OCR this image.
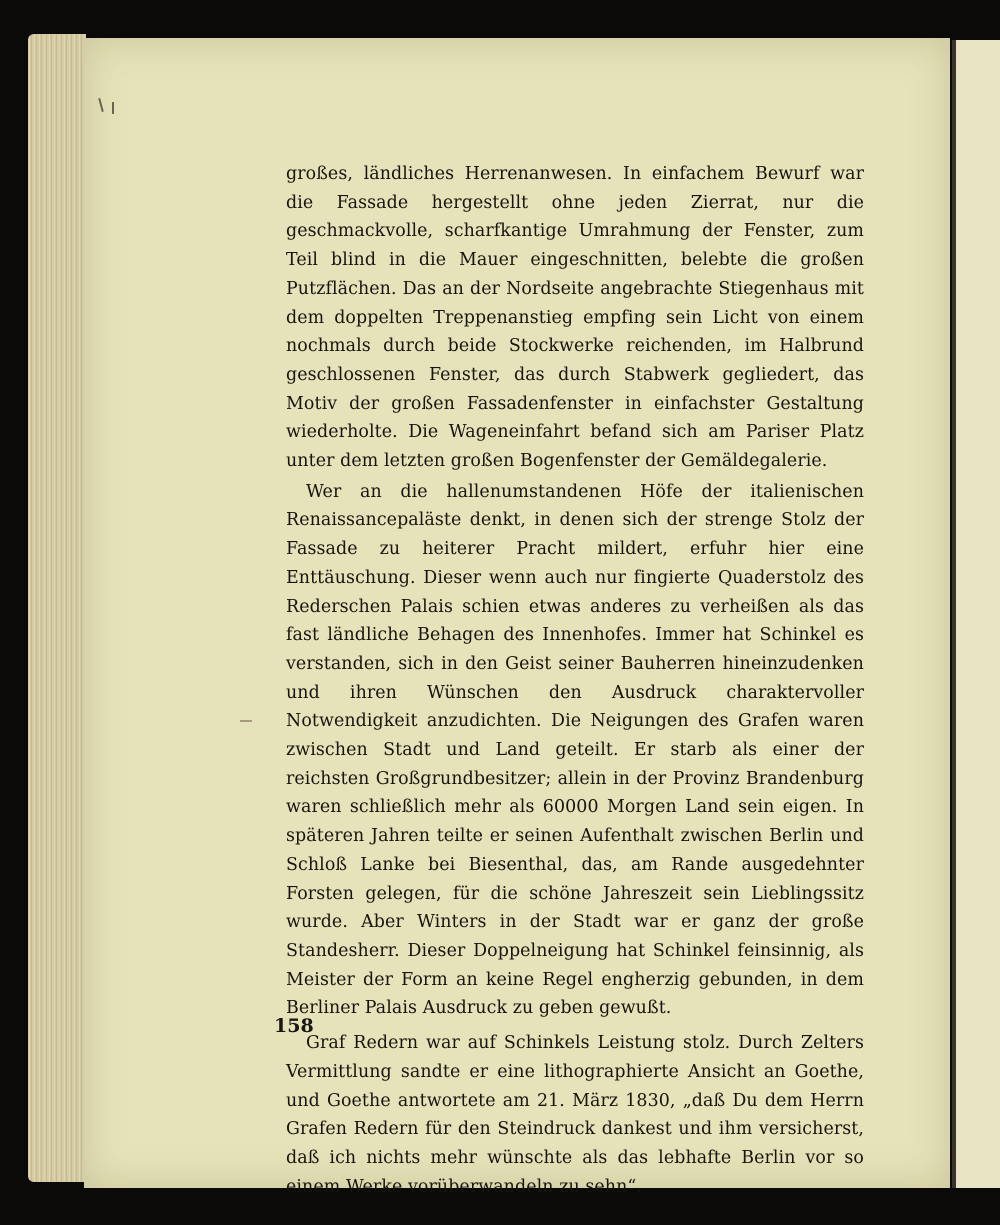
großes, ländliches Herrenanwesen. In einfachem Bewurf war die Fassade hergestellt ohne jeden Zierrat, nur die geschmackvolle, scharfkantige Umrahmung der Fenster, zum Teil blind in die Mauer eingeschnitten, belebte die großen Putzflächen. Das an der Nordseite angebrachte Stiegenhaus mit dem doppelten Treppenanstieg empfing sein Licht von einem nochmals durch beide Stockwerke reichenden, im Halbrund geschlossenen Fenster, das durch Stabwerk gegliedert, das Motiv der großen Fassadenfenster in einfachster Gestaltung wiederholte. Die Wageneinfahrt befand sich am Pariser Platz unter dem letzten großen Bogenfenster der Gemäldegalerie.

Wer an die hallenumstandenen Höfe der italienischen Renaissancepaläste denkt, in denen sich der strenge Stolz der Fassade zu heiterer Pracht mildert, erfuhr hier eine Enttäuschung. Dieser wenn auch nur fingierte Quaderstolz des Rederschen Palais schien etwas anderes zu verheißen als das fast ländliche Behagen des Innenhofes. Immer hat Schinkel es verstanden, sich in den Geist seiner Bauherren hineinzudenken und ihren Wünschen den Ausdruck charaktervoller Notwendigkeit anzudichten. Die Neigungen des Grafen waren zwischen Stadt und Land geteilt. Er starb als einer der reichsten Großgrundbesitzer; allein in der Provinz Brandenburg waren schließlich mehr als 60000 Morgen Land sein eigen. In späteren Jahren teilte er seinen Aufenthalt zwischen Berlin und Schloß Lanke bei Biesenthal, das, am Rande ausgedehnter Forsten gelegen, für die schöne Jahreszeit sein Lieblingssitz wurde. Aber Winters in der Stadt war er ganz der große Standesherr. Dieser Doppelneigung hat Schinkel feinsinnig, als Meister der Form an keine Regel engherzig gebunden, in dem Berliner Palais Ausdruck zu geben gewußt.

Graf Redern war auf Schinkels Leistung stolz. Durch Zelters Vermittlung sandte er eine lithographierte Ansicht an Goethe, und Goethe antwortete am 21. März 1830, „daß Du dem Herrn Grafen Redern für den Steindruck dankest und ihm versicherst, daß ich nichts mehr wünschte als das lebhafte Berlin vor so einem Werke vorüberwandeln zu sehn“.

158
